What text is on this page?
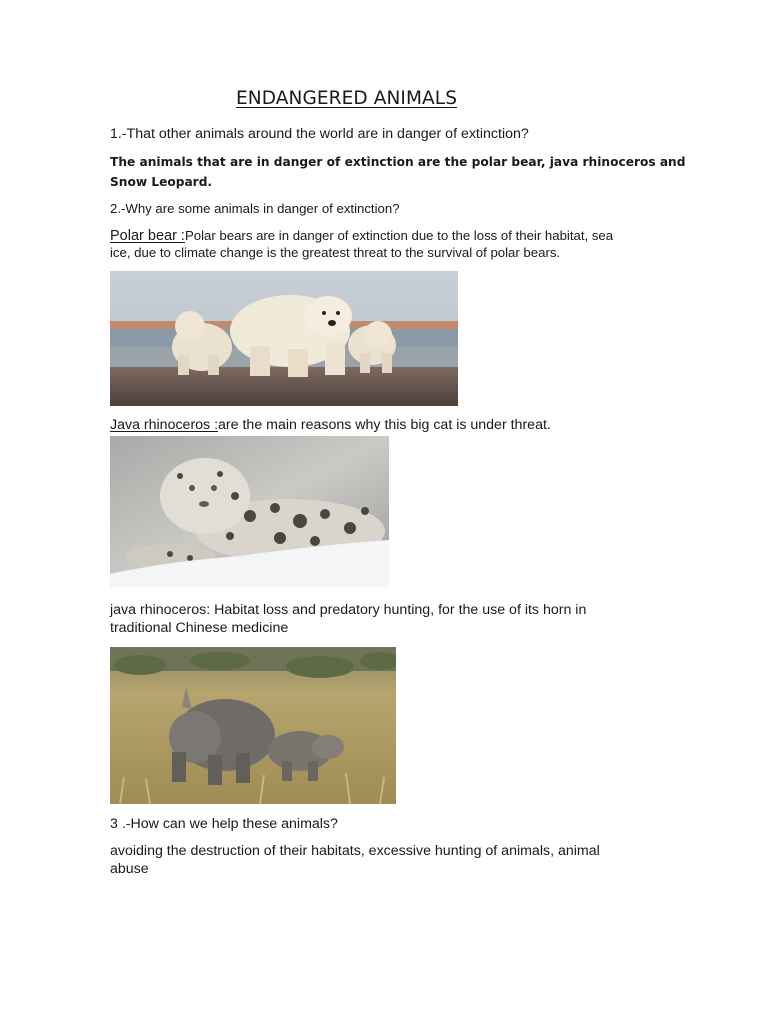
ENDANGERED ANIMALS
1.-That other animals around the world are in danger of extinction?
The animals that are in danger of extinction are the polar bear, java rhinoceros and
Snow Leopard.
2.-Why are some animals in danger of extinction?
Polar bear :Polar bears are in danger of extinction due to the loss of their habitat, sea
ice, due to climate change is the greatest threat to the survival of polar bears.
Java rhinoceros :are the main reasons why this big cat is under threat.
java rhinoceros: Habitat loss and predatory hunting, for the use of its horn in
traditional Chinese medicine
3 .-How can we help these animals?
avoiding the destruction of their habitats, excessive hunting of animals, animal
abuse
